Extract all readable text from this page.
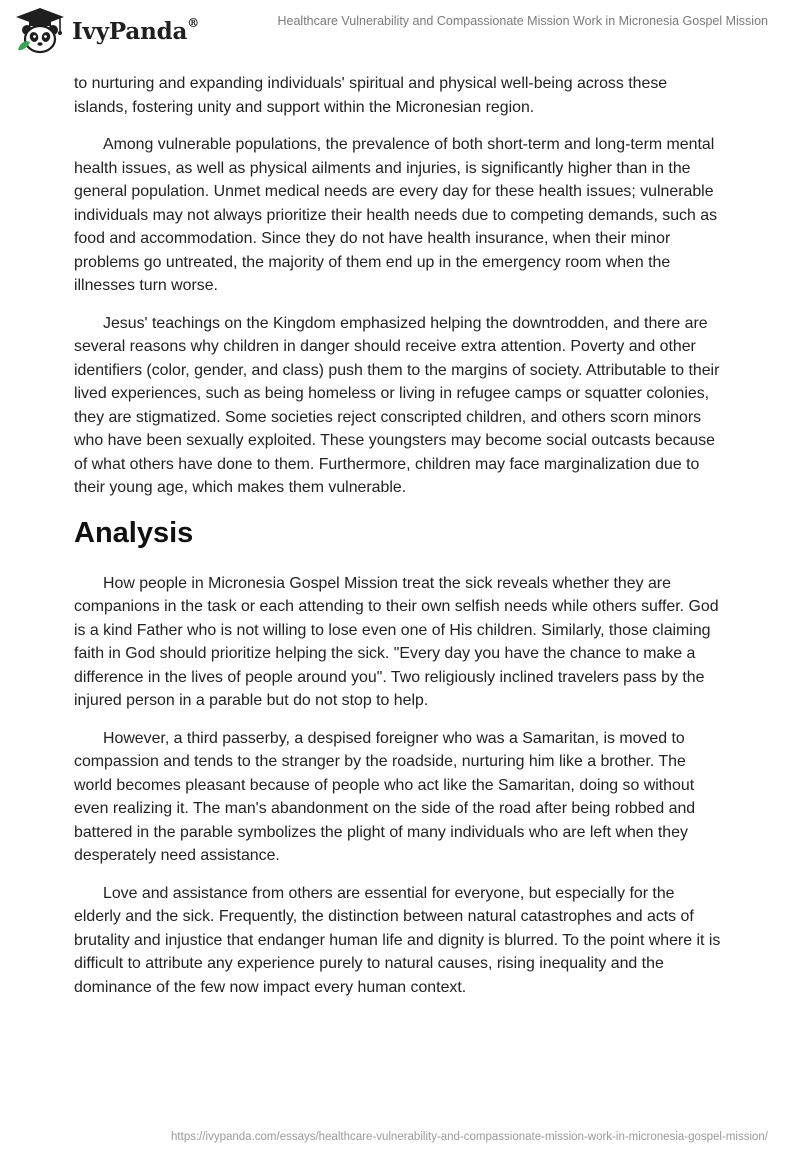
IvyPanda®	Healthcare Vulnerability and Compassionate Mission Work in Micronesia Gospel Mission

to nurturing and expanding individuals' spiritual and physical well-being across these islands, fostering unity and support within the Micronesian region.

Among vulnerable populations, the prevalence of both short-term and long-term mental health issues, as well as physical ailments and injuries, is significantly higher than in the general population. Unmet medical needs are every day for these health issues; vulnerable individuals may not always prioritize their health needs due to competing demands, such as food and accommodation. Since they do not have health insurance, when their minor problems go untreated, the majority of them end up in the emergency room when the illnesses turn worse.

Jesus' teachings on the Kingdom emphasized helping the downtrodden, and there are several reasons why children in danger should receive extra attention. Poverty and other identifiers (color, gender, and class) push them to the margins of society. Attributable to their lived experiences, such as being homeless or living in refugee camps or squatter colonies, they are stigmatized. Some societies reject conscripted children, and others scorn minors who have been sexually exploited. These youngsters may become social outcasts because of what others have done to them. Furthermore, children may face marginalization due to their young age, which makes them vulnerable.

Analysis

How people in Micronesia Gospel Mission treat the sick reveals whether they are companions in the task or each attending to their own selfish needs while others suffer. God is a kind Father who is not willing to lose even one of His children. Similarly, those claiming faith in God should prioritize helping the sick. "Every day you have the chance to make a difference in the lives of people around you". Two religiously inclined travelers pass by the injured person in a parable but do not stop to help.

However, a third passerby, a despised foreigner who was a Samaritan, is moved to compassion and tends to the stranger by the roadside, nurturing him like a brother. The world becomes pleasant because of people who act like the Samaritan, doing so without even realizing it. The man's abandonment on the side of the road after being robbed and battered in the parable symbolizes the plight of many individuals who are left when they desperately need assistance.

Love and assistance from others are essential for everyone, but especially for the elderly and the sick. Frequently, the distinction between natural catastrophes and acts of brutality and injustice that endanger human life and dignity is blurred. To the point where it is difficult to attribute any experience purely to natural causes, rising inequality and the dominance of the few now impact every human context.

https://ivypanda.com/essays/healthcare-vulnerability-and-compassionate-mission-work-in-micronesia-gospel-mission/
